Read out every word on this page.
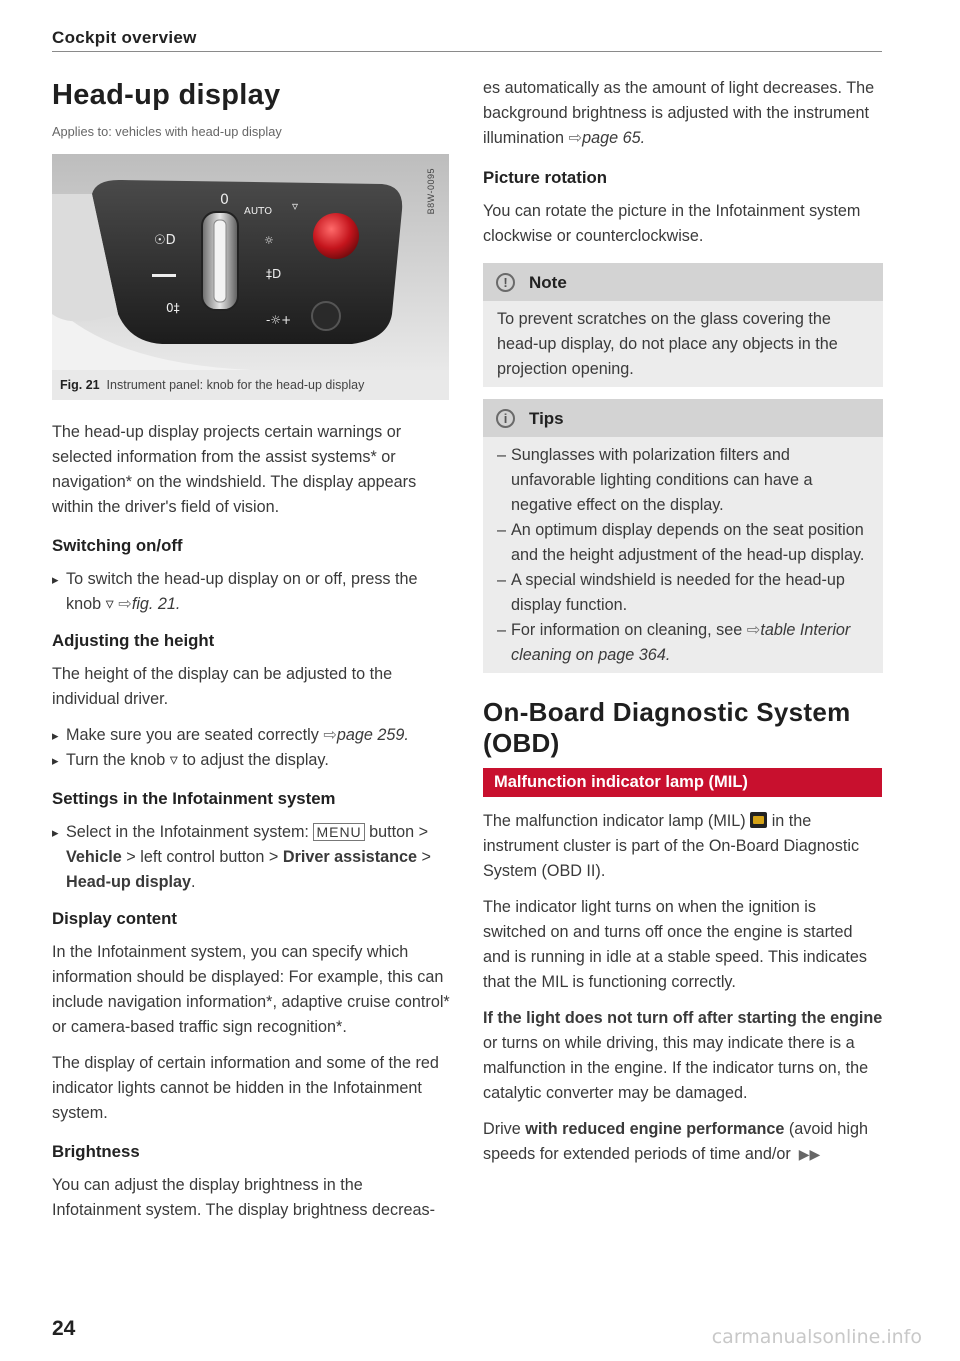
Cockpit overview
Head-up display
Applies to: vehicles with head-up display
☉D
0‡
0
AUTO
☼
‡D
-☼+
▿	B8W-0095
Fig. 21 Instrument panel: knob for the head-up display

The head-up display projects certain warnings or selected information from the assist systems* or navigation* on the windshield. The display appears within the driver's field of vision.

Switching on/off

▸ To switch the head-up display on or off, press the knob ▿ ⇨fig. 21.

Adjusting the height

The height of the display can be adjusted to the individual driver.

▸ Make sure you are seated correctly ⇨page 259.

▸ Turn the knob ▿ to adjust the display.

Settings in the Infotainment system

▸ Select in the Infotainment system: MENU button > Vehicle > left control button > Driver assistance > Head-up display.

Display content

In the Infotainment system, you can specify which information should be displayed: For example, this can include navigation information*, adaptive cruise control* or camera-based traffic sign recognition*.

The display of certain information and some of the red indicator lights cannot be hidden in the Infotainment system.

Brightness

You can adjust the display brightness in the Infotainment system. The display brightness decreas-

es automatically as the amount of light decreases. The background brightness is adjusted with the instrument illumination ⇨page 65.

Picture rotation

You can rotate the picture in the Infotainment system clockwise or counterclockwise.

!	Note

To prevent scratches on the glass covering the head-up display, do not place any objects in the projection opening.

i	Tips

– Sunglasses with polarization filters and unfavorable lighting conditions can have a negative effect on the display.

– An optimum display depends on the seat position and the height adjustment of the head-up display.

– A special windshield is needed for the head-up display function.

– For information on cleaning, see ⇨table Interior cleaning on page 364.

On-Board Diagnostic System (OBD)
Malfunction indicator lamp (MIL)

The malfunction indicator lamp (MIL) in the instrument cluster is part of the On-Board Diagnostic System (OBD II).

The indicator light turns on when the ignition is switched on and turns off once the engine is started and is running in idle at a stable speed. This indicates that the MIL is functioning correctly.

If the light does not turn off after starting the engine or turns on while driving, this may indicate there is a malfunction in the engine. If the indicator turns on, the catalytic converter may be damaged.

Drive with reduced engine performance (avoid high speeds for extended periods of time and/or ▶▶

24	carmanualsonline.info
